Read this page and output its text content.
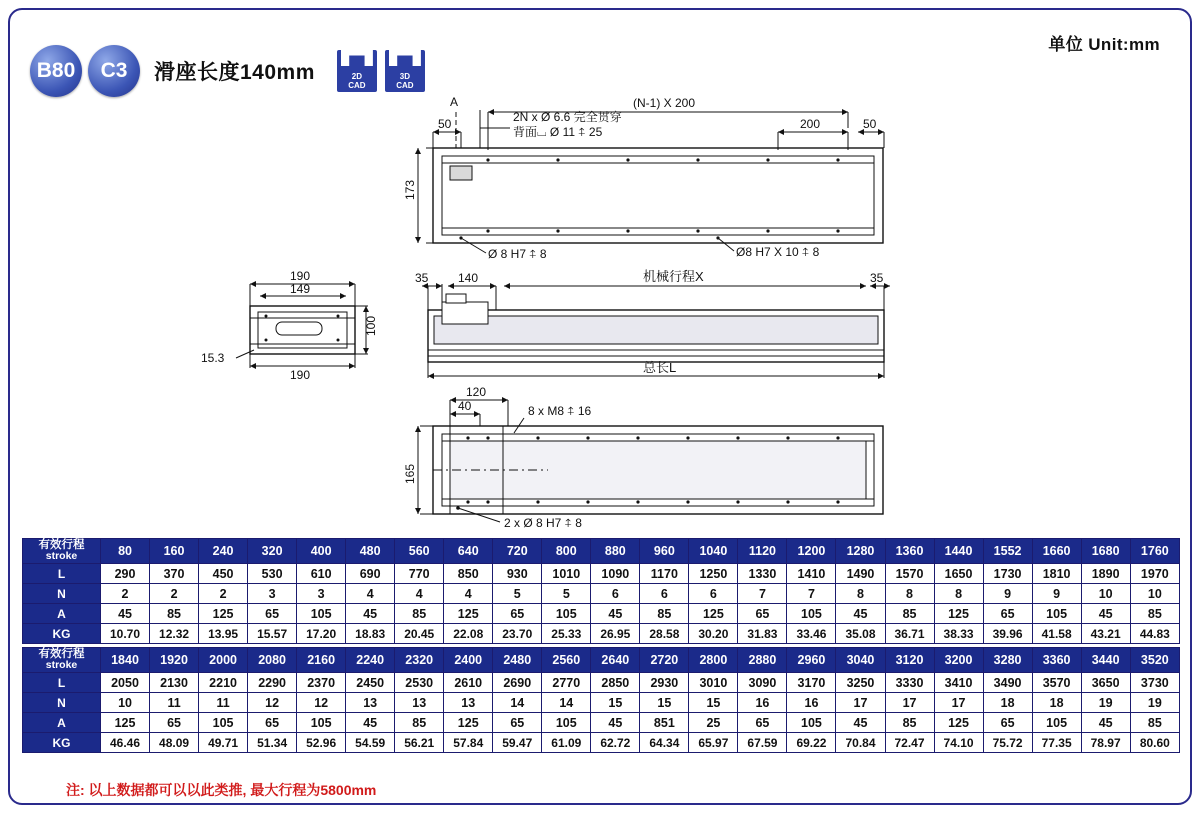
单位 Unit:mm
B80	C3	滑座长度140mm	2D
CAD
3D
CAD
A
50	200	50
(N-1) X 200
173
2N x Ø 6.6 完全贯穿
背面⌴ Ø 11 ⍏ 25
Ø 8 H7 ⍏ 8	Ø8 H7 X 10 ⍏ 8
190
149
100
15.3
190
35 140	35
机械行程X
总长L
120
40	8 x M8 ⍏ 16
165
2 x Ø 8 H7 ⍏ 8
有效行程
stroke	80	160	240	320	400	480	560	640	720	800	880	960	1040	1120	1200	1280	1360	1440	1552	1660	1680	1760
L	290	370	450	530	610	690	770	850	930	1010	1090	1170	1250	1330	1410	1490	1570	1650	1730	1810	1890	1970
N	2	2	2	3	3	4	4	4	5	5	6	6	6	7	7	8	8	8	9	9	10	10
A	45	85	125	65	105	45	85	125	65	105	45	85	125	65	105	45	85	125	65	105	45	85
KG	10.70	12.32	13.95	15.57	17.20	18.83	20.45	22.08	23.70	25.33	26.95	28.58	30.20	31.83	33.46	35.08	36.71	38.33	39.96	41.58	43.21	44.83
有效行程
stroke	1840	1920	2000	2080	2160	2240	2320	2400	2480	2560	2640	2720	2800	2880	2960	3040	3120	3200	3280	3360	3440	3520
L	2050	2130	2210	2290	2370	2450	2530	2610	2690	2770	2850	2930	3010	3090	3170	3250	3330	3410	3490	3570	3650	3730
N	10	11	11	12	12	13	13	13	14	14	15	15	15	16	16	17	17	17	18	18	19	19
A	125	65	105	65	105	45	85	125	65	105	45	851	25	65	105	45	85	125	65	105	45	85
KG	46.46	48.09	49.71	51.34	52.96	54.59	56.21	57.84	59.47	61.09	62.72	64.34	65.97	67.59	69.22	70.84	72.47	74.10	75.72	77.35	78.97	80.60
注: 以上数据都可以以此类推, 最大行程为5800mm
